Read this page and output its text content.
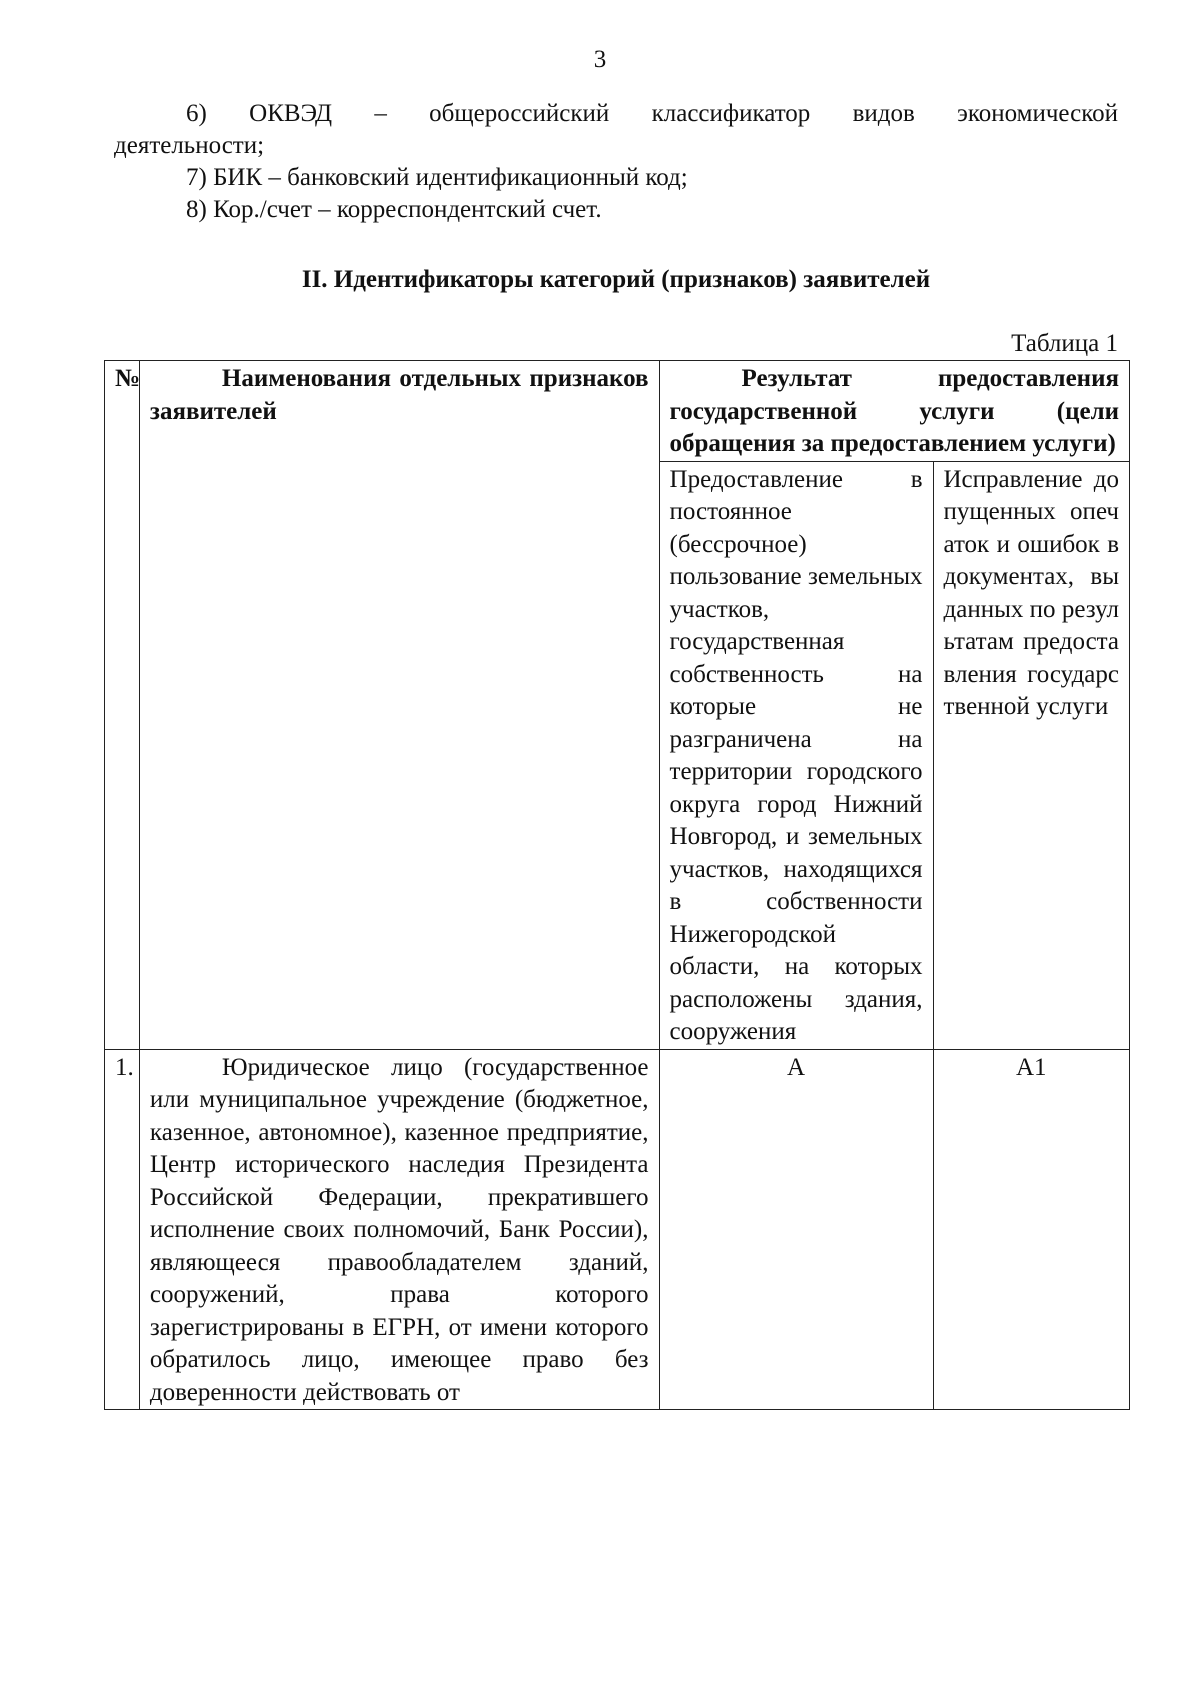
3

6) ОКВЭД – общероссийский классификатор видов экономической

деятельности;

7) БИК – банковский идентификационный код;

8) Кор./счет – корреспондентский счет.

II. Идентификаторы категорий (признаков) заявителей
Таблица 1
№	Наименования отдельных признаков заявителей	Результат предоставления государственной услуги (цели обращения за предоставлением услуги)	
		Предоставление в постоянное (бессрочное) пользование земельных участков, государственная собственность на которые не разграничена на территории городского округа город Нижний Новгород, и земельных участков, находящихся в собственности Нижегородской области, на которых расположены здания, сооружения	Исправление допущенных опечаток и ошибок в документах, выданных по результатам предоставления государственной услуги
1.	Юридическое лицо (государственное или муниципальное учреждение (бюджетное, казенное, автономное), казенное предприятие, Центр исторического наследия Президента Российской Федерации, прекратившего исполнение своих полномочий, Банк России), являющееся правообладателем зданий, сооружений, права которого зарегистрированы в ЕГРН, от имени которого обратилось лицо, имеющее право без доверенности действовать от	А	А1
